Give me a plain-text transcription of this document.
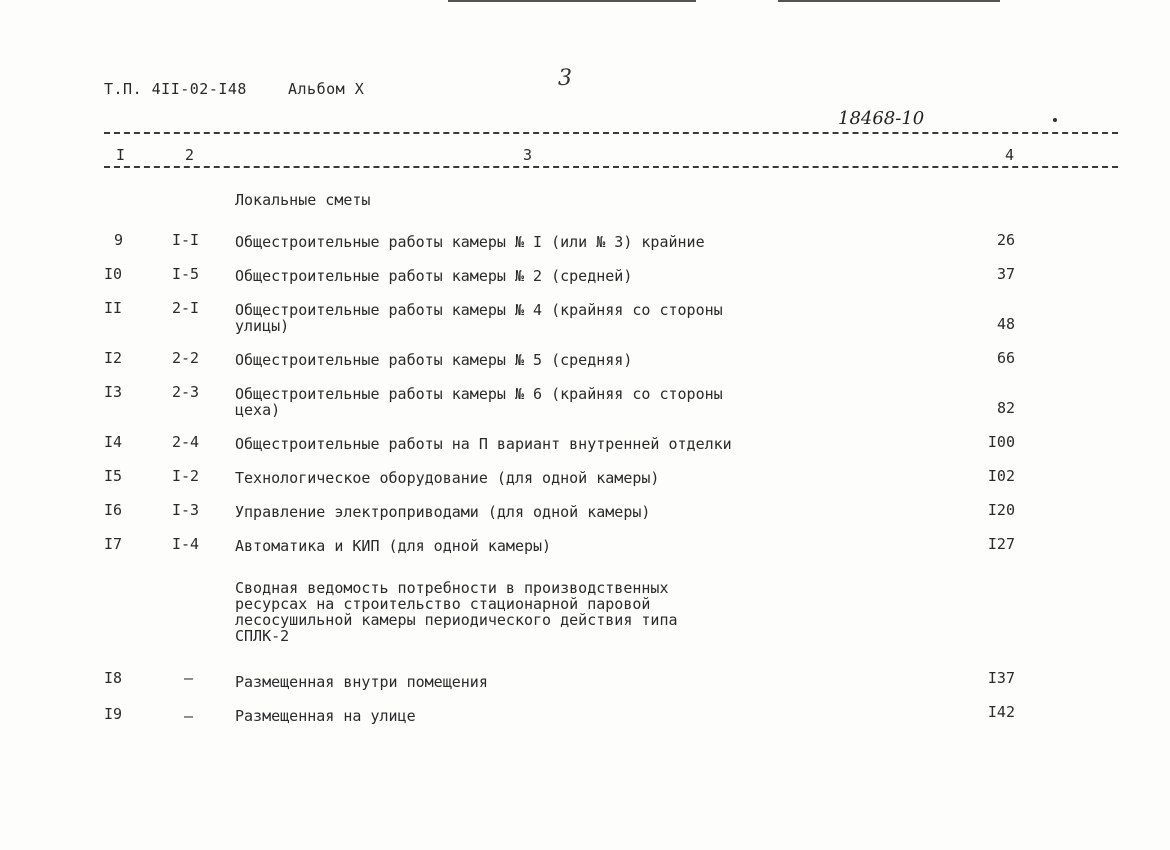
Т.П. 4II-02-I48	Альбом X	3
18468-10
I	2	3	4
Локальные сметы
9	I-I Общестроительные работы камеры № I (или № 3) крайние	26
I0	I-5 Общестроительные работы камеры № 2 (средней)	37
II	2-I Общестроительные работы камеры № 4 (крайняя со стороны
улицы)	48
I2	2-2 Общестроительные работы камеры № 5 (средняя)	66
I3	2-3 Общестроительные работы камеры № 6 (крайняя со стороны
цеха)	82
I4	2-4 Общестроительные работы на П вариант внутренней отделки	I00
I5	I-2 Технологическое оборудование (для одной камеры)	I02
I6	I-3 Управление электроприводами (для одной камеры)	I20
I7	I-4 Автоматика и КИП (для одной камеры)	I27
Сводная ведомость потребности в производственных
ресурсах на строительство стационарной паровой
лесосушильной камеры периодического действия типа
СПЛК-2
I8	–	Размещенная внутри помещения	I37
I9	–	Размещенная на улице	I42
